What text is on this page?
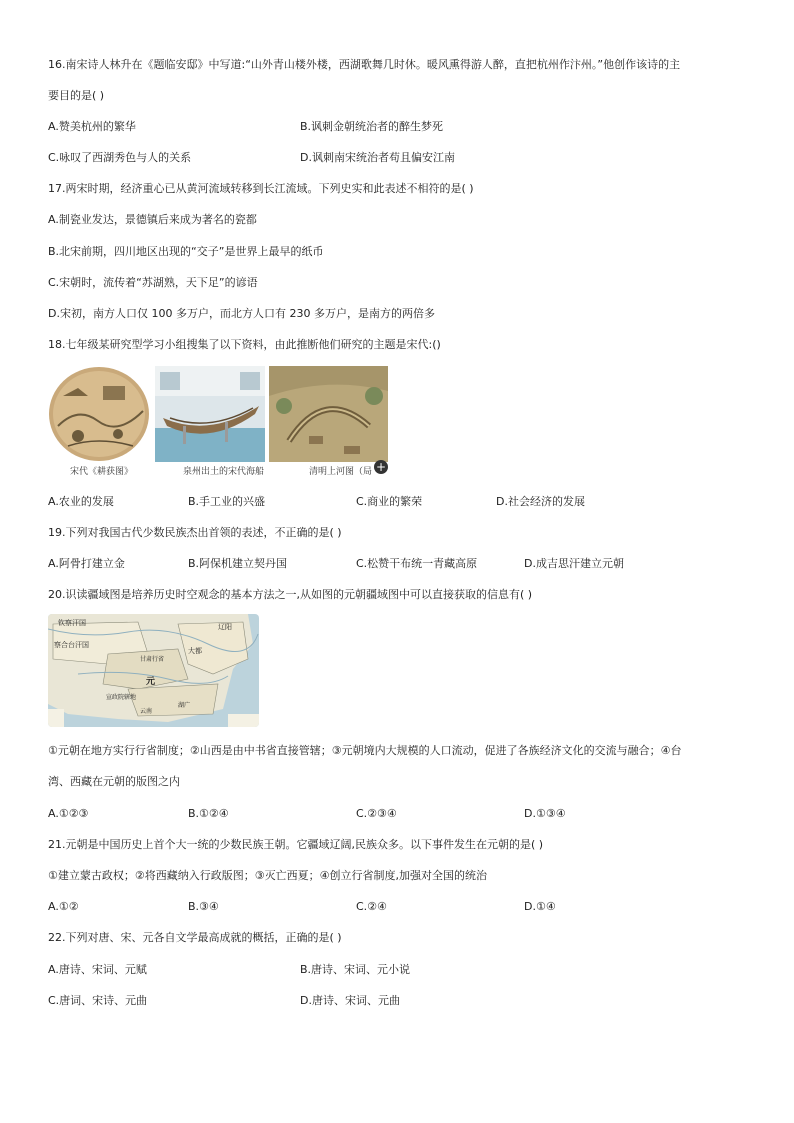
16.南宋诗人林升在《题临安邸》中写道:“山外青山楼外楼，西湖歌舞几时休。暖风熏得游人醉，直把杭州作汴州。”他创作该诗的主
要目的是( )
A.赞美杭州的繁华	B.讽刺金朝统治者的醉生梦死
C.咏叹了西湖秀色与人的关系	D.讽刺南宋统治者苟且偏安江南
17.两宋时期，经济重心已从黄河流域转移到长江流域。下列史实和此表述不相符的是( )
A.制瓷业发达，景德镇后来成为著名的瓷都
B.北宋前期，四川地区出现的“交子”是世界上最早的纸币
C.宋朝时，流传着“苏湖熟，天下足”的谚语
D.宋初，南方人口仅 100 多万户，而北方人口有 230 多万户，是南方的两倍多
18.七年级某研究型学习小组搜集了以下资料，由此推断他们研究的主题是宋代:()
宋代《耕获图》	泉州出土的宋代海船	清明上河图（局 +
A.农业的发展	B.手工业的兴盛	C.商业的繁荣	D.社会经济的发展
19.下列对我国古代少数民族杰出首领的表述，不正确的是( )
A.阿骨打建立金	B.阿保机建立契丹国	C.松赞干布统一青藏高原	D.成吉思汗建立元朝
20.识读疆域图是培养历史时空观念的基本方法之一,从如图的元朝疆域图中可以直接获取的信息有( )
钦察汗国
察合台汗国
元
大都
甘肃行省
辽阳
宣政院辖地
云南
湖广
①元朝在地方实行行省制度；②山西是由中书省直接管辖；③元朝境内大规模的人口流动，促进了各族经济文化的交流与融合；④台
湾、西藏在元朝的版图之内
A.①②③	B.①②④	C.②③④	D.①③④
21.元朝是中国历史上首个大一统的少数民族王朝。它疆域辽阔,民族众多。以下事件发生在元朝的是( )
①建立蒙古政权；②将西藏纳入行政版图；③灭亡西夏；④创立行省制度,加强对全国的统治
A.①②	B.③④	C.②④	D.①④
22.下列对唐、宋、元各自文学最高成就的概括，正确的是( )
A.唐诗、宋词、元赋	B.唐诗、宋词、元小说
C.唐词、宋诗、元曲	D.唐诗、宋词、元曲
